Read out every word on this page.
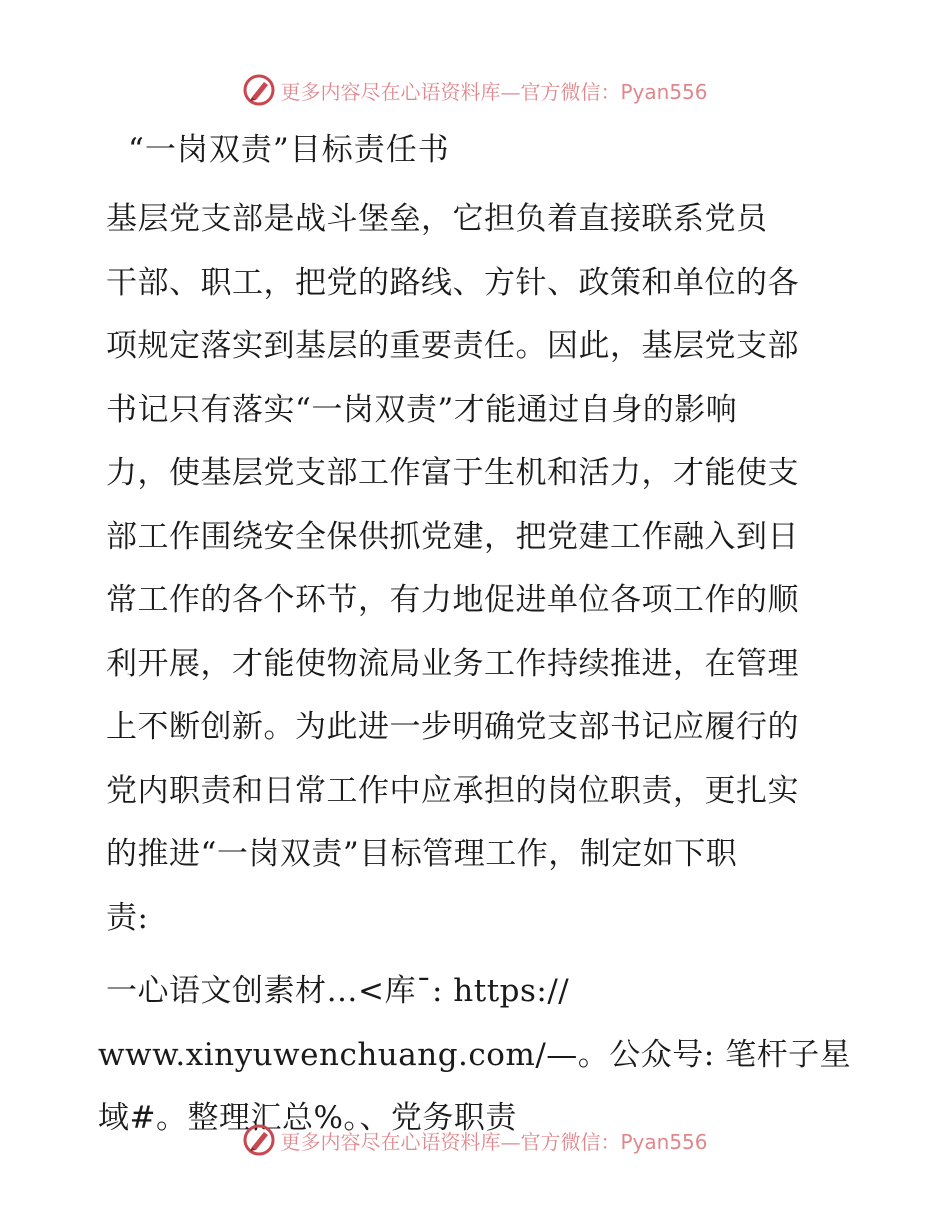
更多内容尽在心语资料库—官方微信：Pyan556
“一岗双责”目标责任书
基层党支部是战斗堡垒，它担负着直接联系党员
干部、职工，把党的路线、方针、政策和单位的各
项规定落实到基层的重要责任。因此，基层党支部
书记只有落实“一岗双责”才能通过自身的影响
力，使基层党支部工作富于生机和活力，才能使支
部工作围绕安全保供抓党建，把党建工作融入到日
常工作的各个环节，有力地促进单位各项工作的顺
利开展，才能使物流局业务工作持续推进，在管理
上不断创新。为此进一步明确党支部书记应履行的
党内职责和日常工作中应承担的岗位职责，更扎实
的推进“一岗双责”目标管理工作，制定如下职
责:
一心语文创素材…<库¯: https://
www.xinyuwenchuang.com/—。公众号: 笔杆子星
域#。整理汇总%。、党务职责
更多内容尽在心语资料库—官方微信：Pyan556
